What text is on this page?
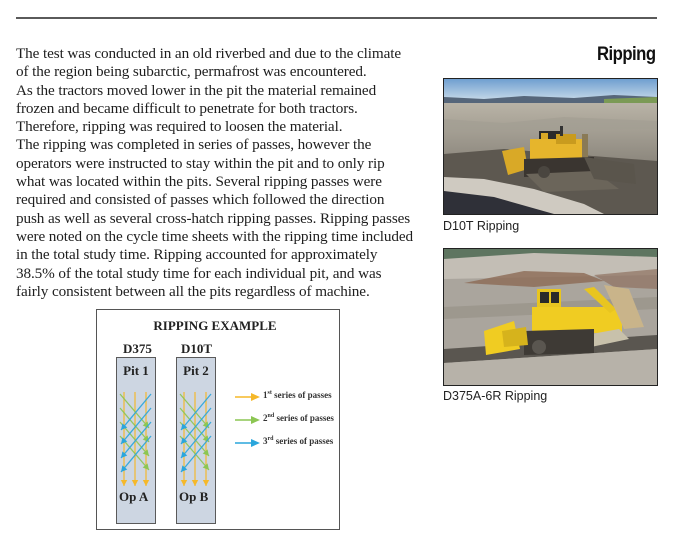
Ripping

The test was conducted in an old riverbed and due to the climate
of the region being subarctic, permafrost was encountered.
As the tractors moved lower in the pit the material remained
frozen and became difficult to penetrate for both tractors.
Therefore, ripping was required to loosen the material.
The ripping was completed in series of passes, however the
operators were instructed to stay within the pit and to only rip
what was located within the pits. Several ripping passes were
required and consisted of passes which followed the direction
push as well as several cross-hatch ripping passes. Ripping passes
were noted on the cycle time sheets with the ripping time included
in the total study time. Ripping accounted for approximately
38.5% of the total study time for each individual pit, and was
fairly consistent between all the pits regardless of machine.

D10T Ripping
D375A-6R Ripping
RIPPING EXAMPLE
D375 D10T
Pit 1
Op A
Pit 2
Op B
1st series of passes
2nd series of passes
3rd series of passes
